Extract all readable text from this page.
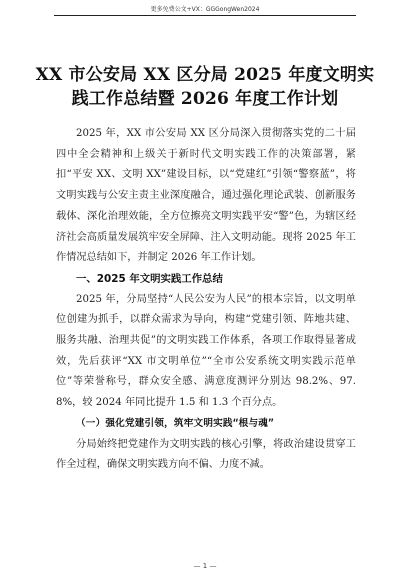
更多免费公文+VX：GGGongWen2024
XX 市公安局 XX 区分局 2025 年度文明实
践工作总结暨 2026 年度工作计划

2025 年，XX 市公安局 XX 区分局深入贯彻落实党的二十届四中全会精神和上级关于新时代文明实践工作的决策部署，紧扣“平安 XX、文明 XX”建设目标，以“党建红”引领“警察蓝”，将文明实践与公安主责主业深度融合，通过强化理论武装、创新服务载体、深化治理效能，全方位擦亮文明实践平安“警”色，为辖区经济社会高质量发展筑牢安全屏障、注入文明动能。现将 2025 年工作情况总结如下，并制定 2026 年工作计划。

一、2025 年文明实践工作总结

2025 年，分局坚持“人民公安为人民”的根本宗旨，以文明单位创建为抓手，以群众需求为导向，构建“党建引领、阵地共建、服务共融、治理共促”的文明实践工作体系，各项工作取得显著成效，先后获评“XX 市文明单位”“全市公安系统文明实践示范单位”等荣誉称号，群众安全感、满意度测评分别达 98.2%、97.8%，较 2024 年同比提升 1.5 和 1.3 个百分点。

（一）强化党建引领，筑牢文明实践“根与魂”

分局始终把党建作为文明实践的核心引擎，将政治建设贯穿工作全过程，确保文明实践方向不偏、力度不减。

— 1 —
